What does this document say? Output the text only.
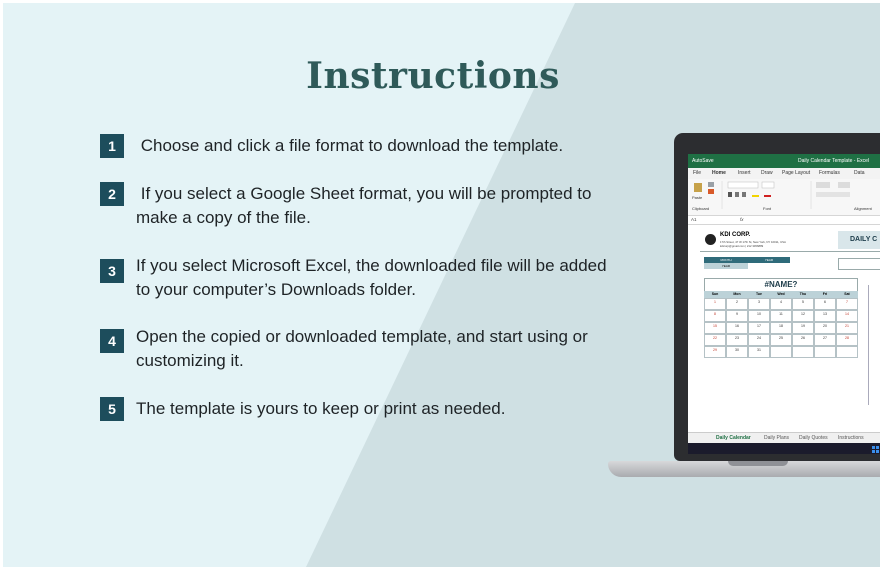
Instructions
1	Choose and click a file format to download the template.
2	If you select a Google Sheet format, you will be prompted to
make a copy of the file.
3	If you select Microsoft Excel, the downloaded file will be added
to your computer’s Downloads folder.
4	Open the copied or downloaded template, and start using or
customizing it.
5	The template is yours to keep or print as needed.
AutoSave	Daily Calendar Template - Excel
File Home Insert Draw Page Layout Formulas	Data
Paste
Clipboard	Font	Alignment
A1	fx
KDI CORP.
17th Street, 47 W 17th St, New York, NY 10011, USA
kdicorp@gmail.com | 212 3456889
DAILY C
MONTH	YEAR
YEAR
#NAME?
Sun	Mon	Tue	Wed	Thu	Fri	Sat
1	2	3	4	5	6	7
8	9	10	11	12	13	14
15	16	17	18	19	20	21
22	23	24	25	26	27	28
29	30	31
Daily Calendar	Daily Plans Daily Quotes Instructions
